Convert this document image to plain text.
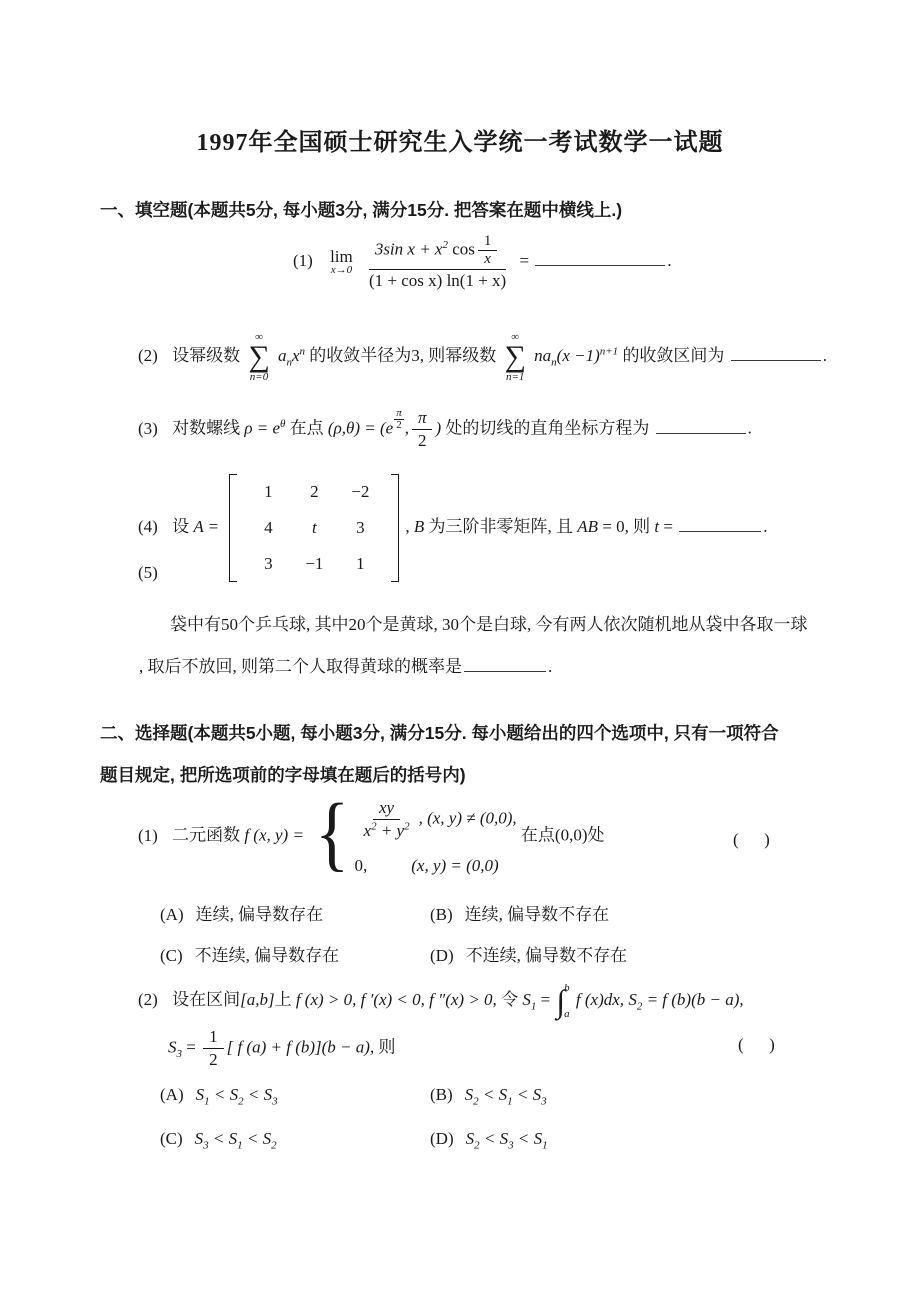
1997年全国硕士研究生入学统一考试数学一试题
一、填空题(本题共5分, 每小题3分, 满分15分. 把答案在题中横线上.)
(1) lim
x→0
$\frac{3\sin x + x^2 \cos \frac{1}{x}}{\text{(1 + cos x) ln(1 + x)}}$ =	.
(2) 设幂级数
∞
∑
n=0
$a_nx^n$ 的收敛半径为3, 则幂级数
∞
∑
n=1
$na_n(x -1)^{n+1}$ 的收敛区间为	.
(3) 对数螺线 $\rho = e^\theta$ 在点 $(\rho,\theta) = (e \frac{\pi}{2}$ , $\frac{\pi}{2}$ ) 处的切线的直角坐标方程为	.
(4) 设 A =
1 2 −2
4 t 3
3 −1 1
, B 为三阶非零矩阵, 且 AB = 0, 则 t =	.
(5)
袋中有50个乒乓球, 其中20个是黄球, 30个是白球, 今有两人依次随机地从袋中各取一球
, 取后不放回, 则第二个人取得黄球的概率是	.
二、选择题(本题共5小题, 每小题3分, 满分15分. 每小题给出的四个选项中, 只有一项符合
题目规定, 把所选项前的字母填在题后的括号内)
(1) 二元函数 f (x, y) = { $\frac{xy}{x^2 + y^2}$ , (x, y) ≠ (0,0),
0,	(x, y) = (0,0)
在点(0,0)处	(      )
(A) 连续, 偏导数存在	(B) 连续, 偏导数不存在
(C) 不连续, 偏导数存在	(D) 不连续, 偏导数不存在
(2) 设在区间[a,b]上 f (x) > 0, f ′(x) < 0, f ″(x) > 0, 令 $S_1$ = ∫ b
a
f (x)dx, $S_2 = f$ (b)(b − a),
$S_3 = \frac{1}{2}$ [ f (a) + f (b)](b − a), 则	(      )
(A) $S_1 < S_2 < S_3$	(B) $S_2 < S_1 < S_3$
(C) $S_3 < S_1 < S_2$	(D) $S_2 < S_3 < S_1$
